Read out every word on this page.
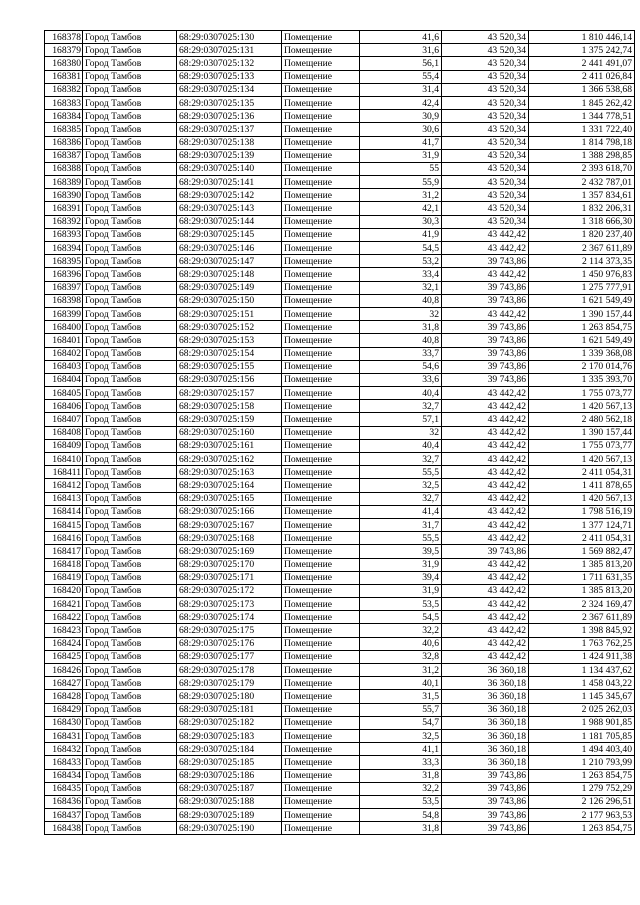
168378	Город Тамбов	68:29:0307025:130	Помещение	41,6	43 520,34	1 810 446,14
168379	Город Тамбов	68:29:0307025:131	Помещение	31,6	43 520,34	1 375 242,74
168380	Город Тамбов	68:29:0307025:132	Помещение	56,1	43 520,34	2 441 491,07
168381	Город Тамбов	68:29:0307025:133	Помещение	55,4	43 520,34	2 411 026,84
168382	Город Тамбов	68:29:0307025:134	Помещение	31,4	43 520,34	1 366 538,68
168383	Город Тамбов	68:29:0307025:135	Помещение	42,4	43 520,34	1 845 262,42
168384	Город Тамбов	68:29:0307025:136	Помещение	30,9	43 520,34	1 344 778,51
168385	Город Тамбов	68:29:0307025:137	Помещение	30,6	43 520,34	1 331 722,40
168386	Город Тамбов	68:29:0307025:138	Помещение	41,7	43 520,34	1 814 798,18
168387	Город Тамбов	68:29:0307025:139	Помещение	31,9	43 520,34	1 388 298,85
168388	Город Тамбов	68:29:0307025:140	Помещение	55	43 520,34	2 393 618,70
168389	Город Тамбов	68:29:0307025:141	Помещение	55,9	43 520,34	2 432 787,01
168390	Город Тамбов	68:29:0307025:142	Помещение	31,2	43 520,34	1 357 834,61
168391	Город Тамбов	68:29:0307025:143	Помещение	42,1	43 520,34	1 832 206,31
168392	Город Тамбов	68:29:0307025:144	Помещение	30,3	43 520,34	1 318 666,30
168393	Город Тамбов	68:29:0307025:145	Помещение	41,9	43 442,42	1 820 237,40
168394	Город Тамбов	68:29:0307025:146	Помещение	54,5	43 442,42	2 367 611,89
168395	Город Тамбов	68:29:0307025:147	Помещение	53,2	39 743,86	2 114 373,35
168396	Город Тамбов	68:29:0307025:148	Помещение	33,4	43 442,42	1 450 976,83
168397	Город Тамбов	68:29:0307025:149	Помещение	32,1	39 743,86	1 275 777,91
168398	Город Тамбов	68:29:0307025:150	Помещение	40,8	39 743,86	1 621 549,49
168399	Город Тамбов	68:29:0307025:151	Помещение	32	43 442,42	1 390 157,44
168400	Город Тамбов	68:29:0307025:152	Помещение	31,8	39 743,86	1 263 854,75
168401	Город Тамбов	68:29:0307025:153	Помещение	40,8	39 743,86	1 621 549,49
168402	Город Тамбов	68:29:0307025:154	Помещение	33,7	39 743,86	1 339 368,08
168403	Город Тамбов	68:29:0307025:155	Помещение	54,6	39 743,86	2 170 014,76
168404	Город Тамбов	68:29:0307025:156	Помещение	33,6	39 743,86	1 335 393,70
168405	Город Тамбов	68:29:0307025:157	Помещение	40,4	43 442,42	1 755 073,77
168406	Город Тамбов	68:29:0307025:158	Помещение	32,7	43 442,42	1 420 567,13
168407	Город Тамбов	68:29:0307025:159	Помещение	57,1	43 442,42	2 480 562,18
168408	Город Тамбов	68:29:0307025:160	Помещение	32	43 442,42	1 390 157,44
168409	Город Тамбов	68:29:0307025:161	Помещение	40,4	43 442,42	1 755 073,77
168410	Город Тамбов	68:29:0307025:162	Помещение	32,7	43 442,42	1 420 567,13
168411	Город Тамбов	68:29:0307025:163	Помещение	55,5	43 442,42	2 411 054,31
168412	Город Тамбов	68:29:0307025:164	Помещение	32,5	43 442,42	1 411 878,65
168413	Город Тамбов	68:29:0307025:165	Помещение	32,7	43 442,42	1 420 567,13
168414	Город Тамбов	68:29:0307025:166	Помещение	41,4	43 442,42	1 798 516,19
168415	Город Тамбов	68:29:0307025:167	Помещение	31,7	43 442,42	1 377 124,71
168416	Город Тамбов	68:29:0307025:168	Помещение	55,5	43 442,42	2 411 054,31
168417	Город Тамбов	68:29:0307025:169	Помещение	39,5	39 743,86	1 569 882,47
168418	Город Тамбов	68:29:0307025:170	Помещение	31,9	43 442,42	1 385 813,20
168419	Город Тамбов	68:29:0307025:171	Помещение	39,4	43 442,42	1 711 631,35
168420	Город Тамбов	68:29:0307025:172	Помещение	31,9	43 442,42	1 385 813,20
168421	Город Тамбов	68:29:0307025:173	Помещение	53,5	43 442,42	2 324 169,47
168422	Город Тамбов	68:29:0307025:174	Помещение	54,5	43 442,42	2 367 611,89
168423	Город Тамбов	68:29:0307025:175	Помещение	32,2	43 442,42	1 398 845,92
168424	Город Тамбов	68:29:0307025:176	Помещение	40,6	43 442,42	1 763 762,25
168425	Город Тамбов	68:29:0307025:177	Помещение	32,8	43 442,42	1 424 911,38
168426	Город Тамбов	68:29:0307025:178	Помещение	31,2	36 360,18	1 134 437,62
168427	Город Тамбов	68:29:0307025:179	Помещение	40,1	36 360,18	1 458 043,22
168428	Город Тамбов	68:29:0307025:180	Помещение	31,5	36 360,18	1 145 345,67
168429	Город Тамбов	68:29:0307025:181	Помещение	55,7	36 360,18	2 025 262,03
168430	Город Тамбов	68:29:0307025:182	Помещение	54,7	36 360,18	1 988 901,85
168431	Город Тамбов	68:29:0307025:183	Помещение	32,5	36 360,18	1 181 705,85
168432	Город Тамбов	68:29:0307025:184	Помещение	41,1	36 360,18	1 494 403,40
168433	Город Тамбов	68:29:0307025:185	Помещение	33,3	36 360,18	1 210 793,99
168434	Город Тамбов	68:29:0307025:186	Помещение	31,8	39 743,86	1 263 854,75
168435	Город Тамбов	68:29:0307025:187	Помещение	32,2	39 743,86	1 279 752,29
168436	Город Тамбов	68:29:0307025:188	Помещение	53,5	39 743,86	2 126 296,51
168437	Город Тамбов	68:29:0307025:189	Помещение	54,8	39 743,86	2 177 963,53
168438	Город Тамбов	68:29:0307025:190	Помещение	31,8	39 743,86	1 263 854,75
